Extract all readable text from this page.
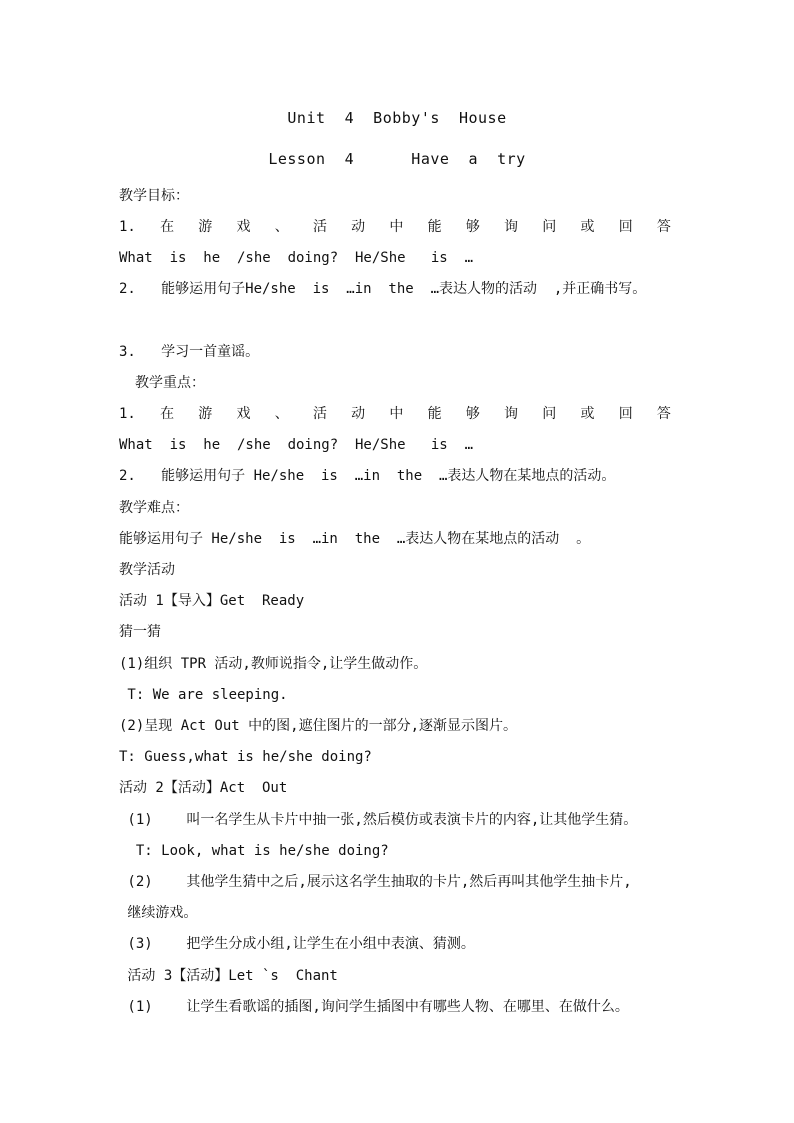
Unit  4  Bobby's  House
Lesson  4      Have  a  try
教学目标：
1. 在 游 戏 、 活 动 中 能 够 询 问 或 回 答
What  is  he  /she  doing?  He/She   is  …
2.   能够运用句子He/she  is  …in  the  …表达人物的活动  ,并正确书写。
3.   学习一首童谣。
教学重点：
1. 在 游 戏 、 活 动 中 能 够 询 问 或 回 答
What  is  he  /she  doing?  He/She   is  …
2.   能够运用句子 He/she  is  …in  the  …表达人物在某地点的活动。
教学难点：
能够运用句子 He/she  is  …in  the  …表达人物在某地点的活动  。
教学活动
活动 1【导入】Get  Ready
猜一猜
(1)组织 TPR 活动,教师说指令,让学生做动作。
T: We are sleeping.
(2)呈现 Act Out 中的图,遮住图片的一部分,逐渐显示图片。
T: Guess,what is he/she doing?
活动 2【活动】Act  Out
(1)    叫一名学生从卡片中抽一张,然后模仿或表演卡片的内容,让其他学生猜。
T: Look, what is he/she doing?
(2)    其他学生猜中之后,展示这名学生抽取的卡片,然后再叫其他学生抽卡片,
继续游戏。
(3)    把学生分成小组,让学生在小组中表演、猜测。
活动 3【活动】Let `s  Chant
(1)    让学生看歌谣的插图,询问学生插图中有哪些人物、在哪里、在做什么。
